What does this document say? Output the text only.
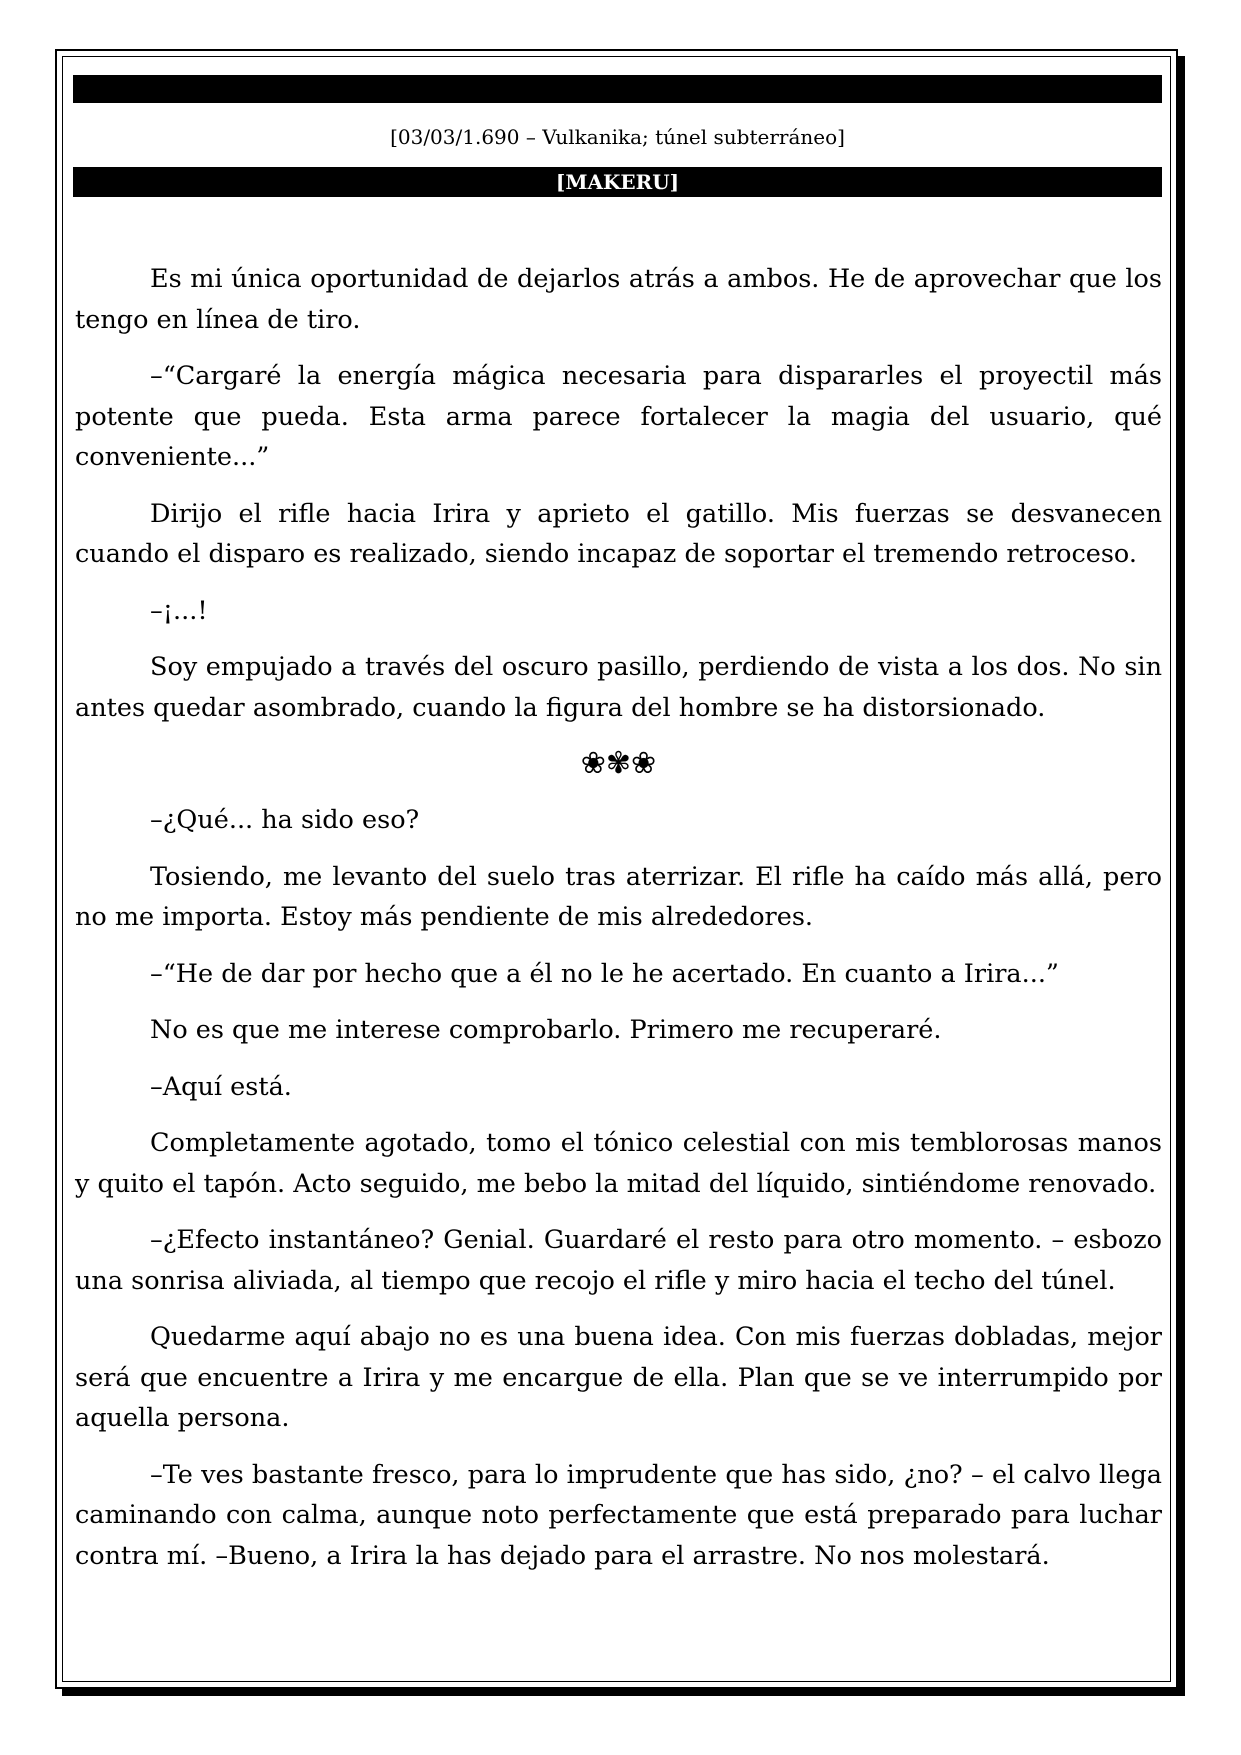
[03/03/1.690 – Vulkanika; túnel subterráneo]
[MAKERU]

Es mi única oportunidad de dejarlos atrás a ambos. He de aprovechar que los tengo en línea de tiro.

–“Cargaré la energía mágica necesaria para dispararles el proyectil más potente que pueda. Esta arma parece fortalecer la magia del usuario, qué conveniente...”

Dirijo el rifle hacia Irira y aprieto el gatillo. Mis fuerzas se desvanecen cuando el disparo es realizado, siendo incapaz de soportar el tremendo retroceso.

–¡...!

Soy empujado a través del oscuro pasillo, perdiendo de vista a los dos. No sin antes quedar asombrado, cuando la figura del hombre se ha distorsionado.

❀✾❀

–¿Qué... ha sido eso?

Tosiendo, me levanto del suelo tras aterrizar. El rifle ha caído más allá, pero no me importa. Estoy más pendiente de mis alrededores.

–“He de dar por hecho que a él no le he acertado. En cuanto a Irira...”

No es que me interese comprobarlo. Primero me recuperaré.

–Aquí está.

Completamente agotado, tomo el tónico celestial con mis temblorosas manos y quito el tapón. Acto seguido, me bebo la mitad del líquido, sintiéndome renovado.

–¿Efecto instantáneo? Genial. Guardaré el resto para otro momento. – esbozo una sonrisa aliviada, al tiempo que recojo el rifle y miro hacia el techo del túnel.

Quedarme aquí abajo no es una buena idea. Con mis fuerzas dobladas, mejor será que encuentre a Irira y me encargue de ella. Plan que se ve interrumpido por aquella persona.

–Te ves bastante fresco, para lo imprudente que has sido, ¿no? – el calvo llega caminando con calma, aunque noto perfectamente que está preparado para luchar contra mí. –Bueno, a Irira la has dejado para el arrastre. No nos molestará.
